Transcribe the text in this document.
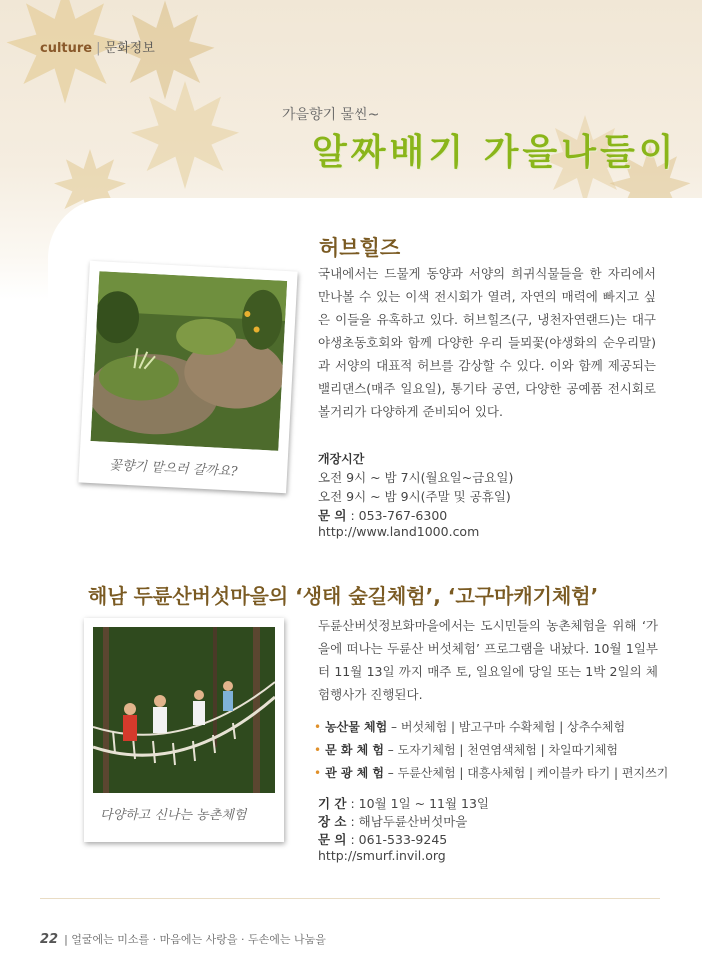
culture | 문화정보
가을향기 물씬~
알짜배기 가을나들이
허브힐즈
국내에서는 드물게 동양과 서양의 희귀식물들을 한 자리에서 만나볼 수 있는 이색 전시회가 열려, 자연의 매력에 빠지고 싶은 이들을 유혹하고 있다. 허브힐즈(구, 냉천자연랜드)는 대구야생초동호회와 함께 다양한 우리 들뫼꽃(야생화의 순우리말)과 서양의 대표적 허브를 감상할 수 있다. 이와 함께 제공되는 밸리댄스(매주 일요일), 통기타 공연, 다양한 공예품 전시회로 볼거리가 다양하게 준비되어 있다.
꽃향기 맡으러 갈까요?	개장시간
오전 9시 ~ 밤 7시(월요일~금요일)
오전 9시 ~ 밤 9시(주말 및 공휴일)
문 의 : 053-767-6300
http://www.land1000.com
해남 두륜산버섯마을의 ‘생태 숲길체험’, ‘고구마캐기체험’
두륜산버섯정보화마을에서는 도시민들의 농촌체험을 위해 ‘가을에 떠나는 두륜산 버섯체험’ 프로그램을 내놨다. 10월 1일부터 11월 13일 까지 매주 토, 일요일에 당일 또는 1박 2일의 체험행사가 진행된다.
다양하고 신나는 농촌체험
• 농산물 체험 – 버섯체험 | 밤고구마 수확체험 | 상추수체험
• 문 화 체 험 – 도자기체험 | 천연염색체험 | 차일따기체험
• 관 광 체 험 – 두륜산체험 | 대흥사체험 | 케이블카 타기 | 편지쓰기
기 간 : 10월 1일 ~ 11월 13일
장 소 : 해남두륜산버섯마을
문 의 : 061-533-9245
http://smurf.invil.org
22 | 얼굴에는 미소를 · 마음에는 사랑을 · 두손에는 나눔을
